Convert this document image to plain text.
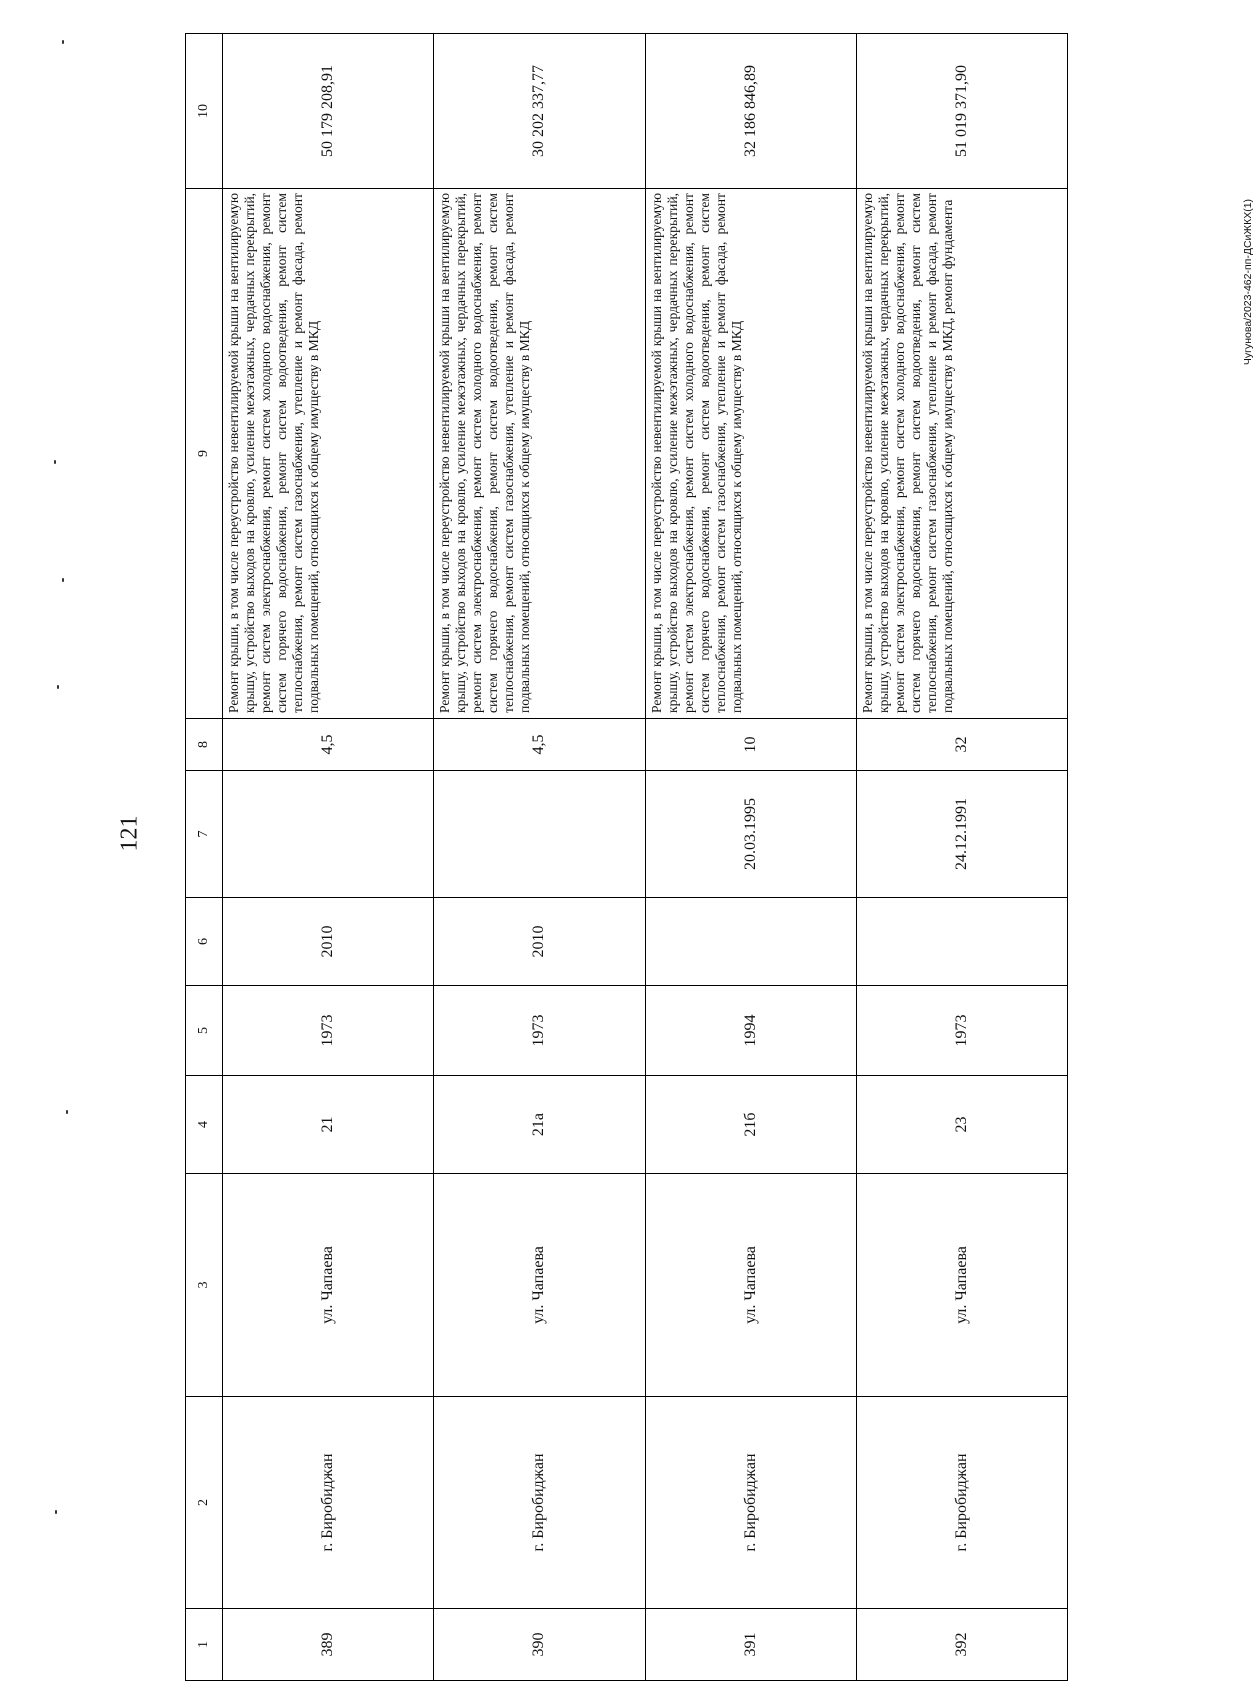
121
Чугунова/2023-462-пп-ДСиЖКХ(1)
1	2	3	4	5	6	7	8	9	10
389	г. Биробиджан	ул. Чапаева	21	1973	2010		4,5	Ремонт крыши, в том числе переустройство невентилируемой крыши на вентилируемую крышу, устройство выходов на кровлю, усиление межэтажных, чердачных перекрытий, ремонт систем электроснабжения, ремонт систем холодного водоснабжения, ремонт систем горячего водоснабжения, ремонт систем водоотведения, ремонт систем теплоснабжения, ремонт систем газоснабжения, утепление и ремонт фасада, ремонт подвальных помещений, относящихся к общему имуществу в МКД	50 179 208,91
390	г. Биробиджан	ул. Чапаева	21а	1973	2010		4,5	Ремонт крыши, в том числе переустройство невентилируемой крыши на вентилируемую крышу, устройство выходов на кровлю, усиление межэтажных, чердачных перекрытий, ремонт систем электроснабжения, ремонт систем холодного водоснабжения, ремонт систем горячего водоснабжения, ремонт систем водоотведения, ремонт систем теплоснабжения, ремонт систем газоснабжения, утепление и ремонт фасада, ремонт подвальных помещений, относящихся к общему имуществу в МКД	30 202 337,77
391	г. Биробиджан	ул. Чапаева	21б	1994		20.03.1995	10	Ремонт крыши, в том числе переустройство невентилируемой крыши на вентилируемую крышу, устройство выходов на кровлю, усиление межэтажных, чердачных перекрытий, ремонт систем электроснабжения, ремонт систем холодного водоснабжения, ремонт систем горячего водоснабжения, ремонт систем водоотведения, ремонт систем теплоснабжения, ремонт систем газоснабжения, утепление и ремонт фасада, ремонт подвальных помещений, относящихся к общему имуществу в МКД	32 186 846,89
392	г. Биробиджан	ул. Чапаева	23	1973		24.12.1991	32	Ремонт крыши, в том числе переустройство невентилируемой крыши на вентилируемую крышу, устройство выходов на кровлю, усиление межэтажных, чердачных перекрытий, ремонт систем электроснабжения, ремонт систем холодного водоснабжения, ремонт систем горячего водоснабжения, ремонт систем водоотведения, ремонт систем теплоснабжения, ремонт систем газоснабжения, утепление и ремонт фасада, ремонт подвальных помещений, относящихся к общему имуществу в МКД, ремонт фундамента	51 019 371,90
